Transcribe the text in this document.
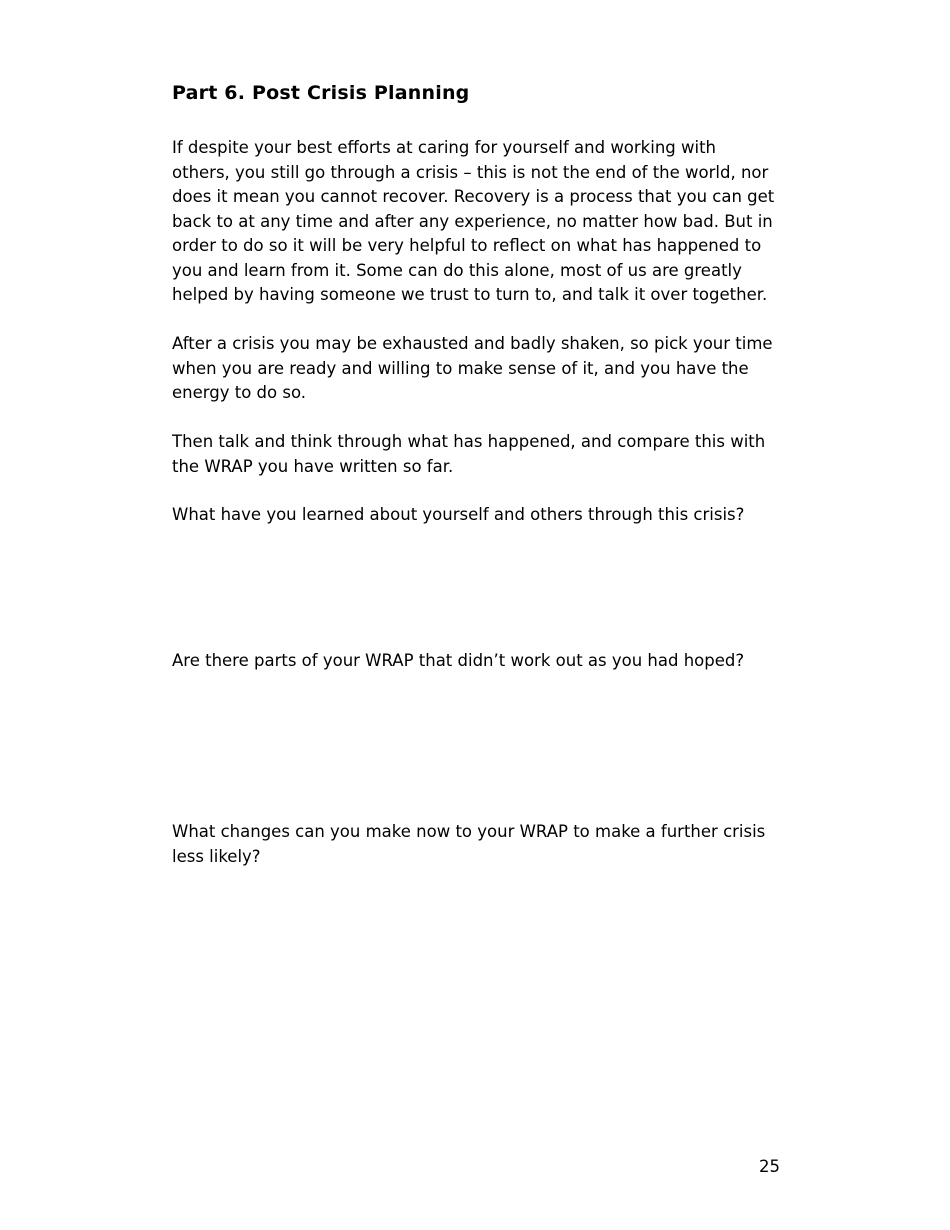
Part 6. Post Crisis Planning

If despite your best efforts at caring for yourself and working with
others, you still go through a crisis – this is not the end of the world, nor
does it mean you cannot recover. Recovery is a process that you can get
back to at any time and after any experience, no matter how bad. But in
order to do so it will be very helpful to reflect on what has happened to
you and learn from it. Some can do this alone, most of us are greatly
helped by having someone we trust to turn to, and talk it over together.

After a crisis you may be exhausted and badly shaken, so pick your time
when you are ready and willing to make sense of it, and you have the
energy to do so.

Then talk and think through what has happened, and compare this with
the WRAP you have written so far.

What have you learned about yourself and others through this crisis?

Are there parts of your WRAP that didn’t work out as you had hoped?

What changes can you make now to your WRAP to make a further crisis
less likely?

25
